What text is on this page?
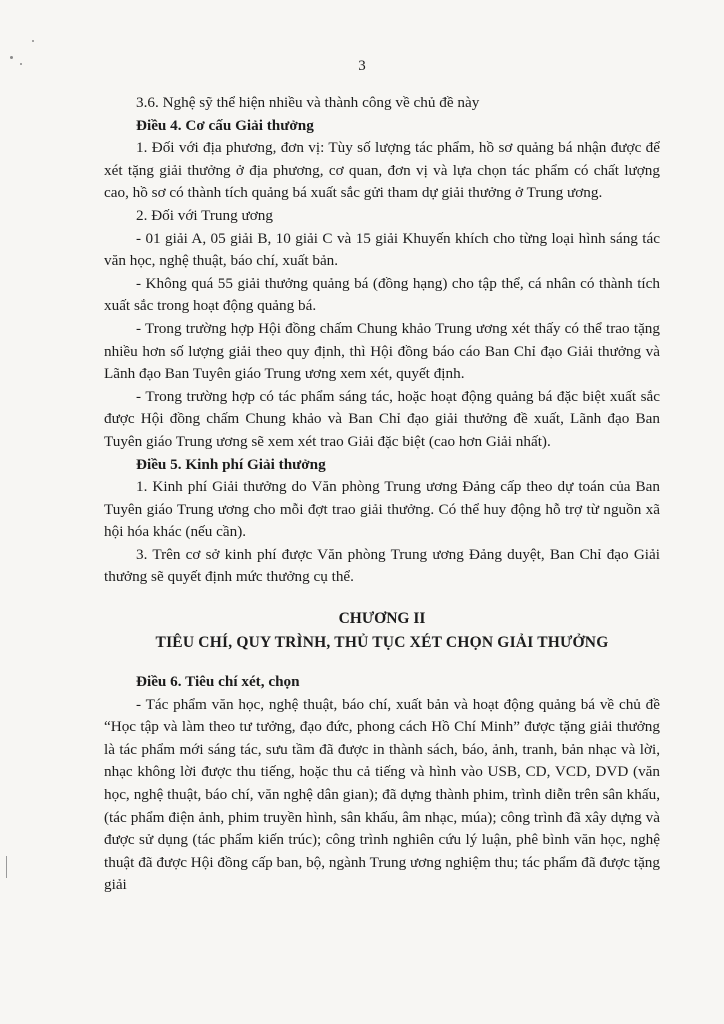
3

3.6. Nghệ sỹ thể hiện nhiều và thành công về chủ đề này

Điều 4. Cơ cấu Giải thưởng

1. Đối với địa phương, đơn vị: Tùy số lượng tác phẩm, hồ sơ quảng bá nhận được để xét tặng giải thưởng ở địa phương, cơ quan, đơn vị và lựa chọn tác phẩm có chất lượng cao, hồ sơ có thành tích quảng bá xuất sắc gửi tham dự giải thưởng ở Trung ương.

2. Đối với Trung ương

- 01 giải A, 05 giải B, 10 giải C và 15 giải Khuyến khích cho từng loại hình sáng tác văn học, nghệ thuật, báo chí, xuất bản.

- Không quá 55 giải thưởng quảng bá (đồng hạng) cho tập thể, cá nhân có thành tích xuất sắc trong hoạt động quảng bá.

- Trong trường hợp Hội đồng chấm Chung khảo Trung ương xét thấy có thể trao tặng nhiều hơn số lượng giải theo quy định, thì Hội đồng báo cáo Ban Chỉ đạo Giải thưởng và Lãnh đạo Ban Tuyên giáo Trung ương xem xét, quyết định.

- Trong trường hợp có tác phẩm sáng tác, hoặc hoạt động quảng bá đặc biệt xuất sắc được Hội đồng chấm Chung khảo và Ban Chỉ đạo giải thưởng đề xuất, Lãnh đạo Ban Tuyên giáo Trung ương sẽ xem xét trao Giải đặc biệt (cao hơn Giải nhất).

Điều 5. Kinh phí Giải thưởng

1. Kinh phí Giải thưởng do Văn phòng Trung ương Đảng cấp theo dự toán của Ban Tuyên giáo Trung ương cho mỗi đợt trao giải thưởng. Có thể huy động hỗ trợ từ nguồn xã hội hóa khác (nếu cần).

3. Trên cơ sở kinh phí được Văn phòng Trung ương Đảng duyệt, Ban Chỉ đạo Giải thưởng sẽ quyết định mức thưởng cụ thể.

CHƯƠNG II

TIÊU CHÍ, QUY TRÌNH, THỦ TỤC XÉT CHỌN GIẢI THƯỞNG

Điều 6. Tiêu chí xét, chọn

- Tác phẩm văn học, nghệ thuật, báo chí, xuất bản và hoạt động quảng bá về chủ đề “Học tập và làm theo tư tưởng, đạo đức, phong cách Hồ Chí Minh” được tặng giải thưởng là tác phẩm mới sáng tác, sưu tầm đã được in thành sách, báo, ảnh, tranh, bản nhạc và lời, nhạc không lời được thu tiếng, hoặc thu cả tiếng và hình vào USB, CD, VCD, DVD (văn học, nghệ thuật, báo chí, văn nghệ dân gian); đã dựng thành phim, trình diễn trên sân khấu, (tác phẩm điện ảnh, phim truyền hình, sân khấu, âm nhạc, múa); công trình đã xây dựng và được sử dụng (tác phẩm kiến trúc); công trình nghiên cứu lý luận, phê bình văn học, nghệ thuật đã được Hội đồng cấp ban, bộ, ngành Trung ương nghiệm thu; tác phẩm đã được tặng giải
